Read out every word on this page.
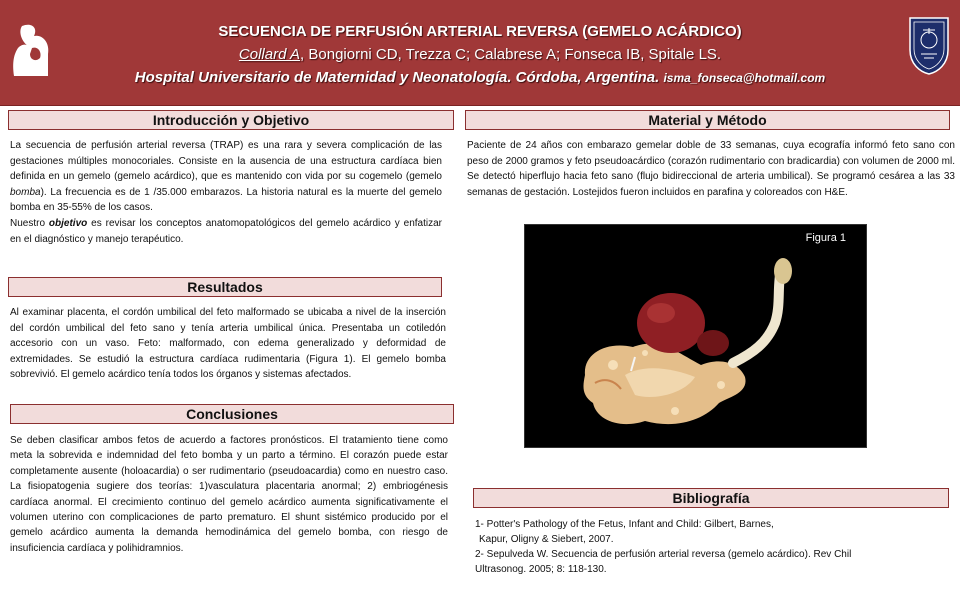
SECUENCIA DE PERFUSIÓN ARTERIAL REVERSA (GEMELO ACÁRDICO)
Collard A, Bongiorni CD, Trezza C; Calabrese A; Fonseca IB, Spitale LS.
Hospital Universitario de Maternidad y Neonatología. Córdoba, Argentina. isma_fonseca@hotmail.com
Introducción y Objetivo

La secuencia de perfusión arterial reversa (TRAP) es una rara y severa complicación de las gestaciones múltiples monocoriales. Consiste en la ausencia de una estructura cardíaca bien definida en un gemelo (gemelo acárdico), que es mantenido con vida por su cogemelo (gemelo bomba). La frecuencia es de 1 /35.000 embarazos. La historia natural es la muerte del gemelo bomba en 35-55% de los casos.

Nuestro objetivo es revisar los conceptos anatomopatológicos del gemelo acárdico y enfatizar en el diagnóstico y manejo terapéutico.

Resultados
Al examinar placenta, el cordón umbilical del feto malformado se ubicaba a nivel de la inserción del cordón umbilical del feto sano y tenía arteria umbilical única. Presentaba un cotiledón accesorio con un vaso. Feto: malformado, con edema generalizado y deformidad de extremidades. Se estudió la estructura cardíaca rudimentaria (Figura 1). El gemelo bomba sobrevivió. El gemelo acárdico tenía todos los órganos y sistemas afectados.
Conclusiones
Se deben clasificar ambos fetos de acuerdo a factores pronósticos. El tratamiento tiene como meta la sobrevida e indemnidad del feto bomba y un parto a término. El corazón puede estar completamente ausente (holoacardia) o ser rudimentario (pseudoacardia) como en nuestro caso. La fisiopatogenia sugiere dos teorías: 1)vasculatura placentaria anormal; 2) embriogénesis cardíaca anormal. El crecimiento continuo del gemelo acárdico aumenta significativamente el volumen uterino con complicaciones de parto prematuro. El shunt sistémico producido por el gemelo acárdico aumenta la demanda hemodinámica del gemelo bomba, con riesgo de insuficiencia cardíaca y polihidramnios.
Material y Método
Paciente de 24 años con embarazo gemelar doble de 33 semanas, cuya ecografía informó feto sano con peso de 2000 gramos y feto pseudoacárdico (corazón rudimentario con bradicardia) con volumen de 2000 ml. Se detectó hiperflujo hacia feto sano (flujo bidireccional de arteria umbilical). Se programó cesárea a las 33 semanas de gestación. Lostejidos fueron incluidos en parafina y coloreados con H&E.
Figura 1
Bibliografía

1- Potter's Pathology of the Fetus, Infant and Child: Gilbert, Barnes,

Kapur, Oligny & Siebert, 2007.

2- Sepulveda W. Secuencia de perfusión arterial reversa (gemelo acárdico). Rev Chil

Ultrasonog. 2005; 8: 118-130.
